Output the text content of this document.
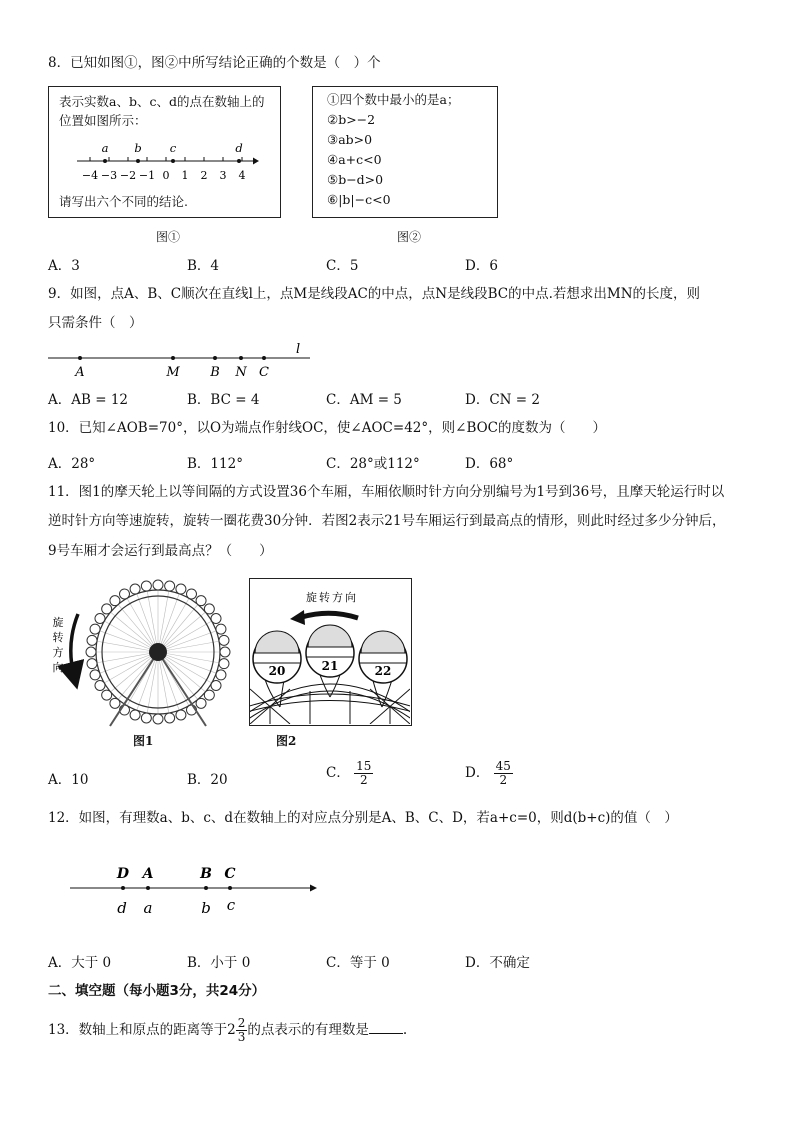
8．已知如图①，图②中所写结论正确的个数是（　）个
表示实数a、b、c、d的点在数轴上的
位置如图所示：
a b c	d
−4 −3 −2 −1 0 1 2 3 4
请写出六个不同的结论.
图①
①四个数中最小的是a；
②b>−2
③ab>0
④a+c<0
⑤b−d>0
⑥|b|−c<0
图②
A．3	B．4	C．5	D．6
9．如图，点A、B、C顺次在直线l上，点M是线段AC的中点，点N是线段BC的中点.若想求出MN的长度，则
只需条件（　）
l
A	M B N C
A．AB = 12	B．BC = 4	C．AM = 5	D．CN = 2
10．已知∠AOB=70°，以O为端点作射线OC，使∠AOC=42°，则∠BOC的度数为（　　）
A．28°	B．112°	C．28°或112°	D．68°
11．图1的摩天轮上以等间隔的方式设置36个车厢，车厢依顺时针方向分别编号为1号到36号，且摩天轮运行时以
逆时针方向等速旋转，旋转一圈花费30分钟．若图2表示21号车厢运行到最高点的情形，则此时经过多少分钟后，
9号车厢才会运行到最高点？（　　）
旋
转
方
向
图1
旋转方向
20	21	22
图2
A．10	B．20	C． $\frac{15}{2}$	D． $\frac{45}{2}$
12．如图，有理数a、b、c、d在数轴上的对应点分别是A、B、C、D，若a+c=0，则d(b+c)的值（　）
D A	B C
d a	b c
A．大于 0	B．小于 0	C．等于 0	D．不确定
二、填空题（每小题3分，共24分）
13．数轴上和原点的距离等于$2 \frac{2}{3}$ 的点表示的有理数是	.
